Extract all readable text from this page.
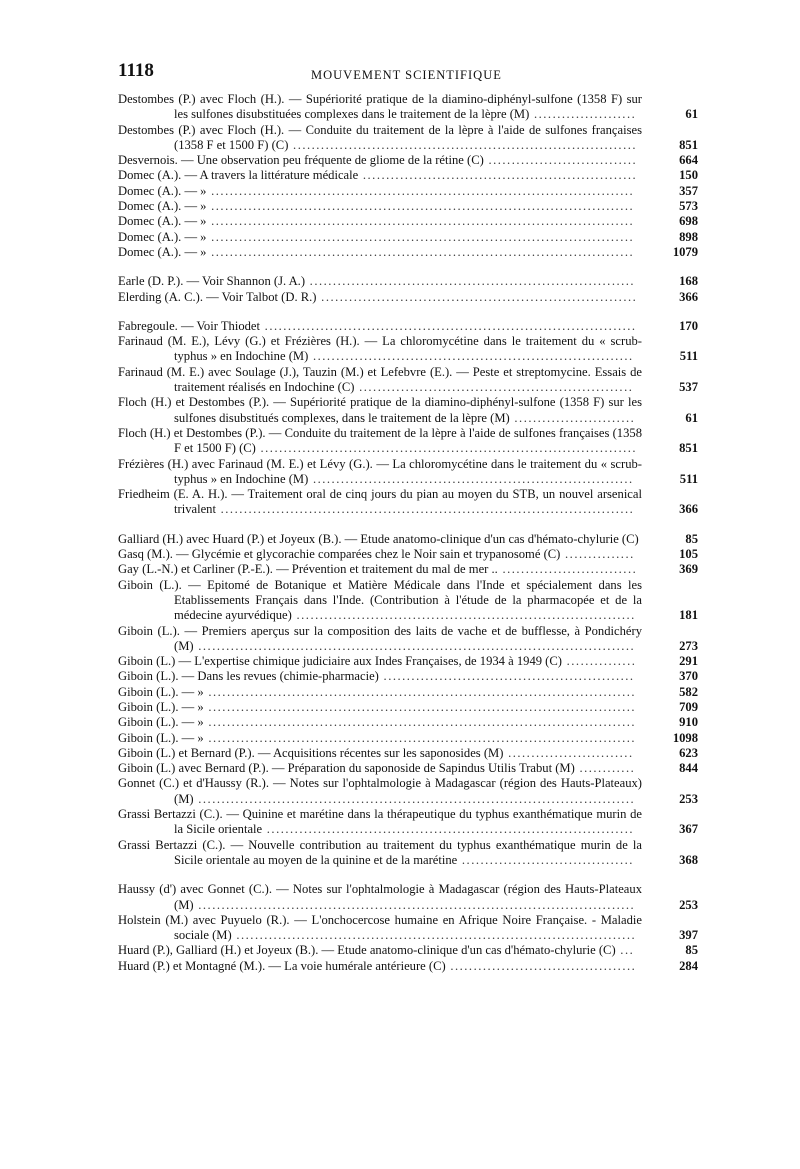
1118	MOUVEMENT SCIENTIFIQUE

Destombes (P.) avec Floch (H.). — Supériorité pratique de la diamino-diphényl-sulfone (1358 F) sur les sulfones disubstituées complexes dans le traitement de la lèpre (M) ......................	61

Destombes (P.) avec Floch (H.). — Conduite du traitement de la lèpre à l'aide de sulfones françaises (1358 F et 1500 F) (C) ..........................................................................	851

Desvernois. — Une observation peu fréquente de gliome de la rétine (C) ................................	664

Domec (A.). — A travers la littérature médicale ...........................................................	150

Domec (A.). — » ...........................................................................................	357

Domec (A.). — » ...........................................................................................	573

Domec (A.). — » ...........................................................................................	698

Domec (A.). — » ...........................................................................................	898

Domec (A.). — » ...........................................................................................	1079

Earle (D. P.). — Voir Shannon (J. A.) ......................................................................	168

Elerding (A. C.). — Voir Talbot (D. R.) ....................................................................	366

Fabregoule. — Voir Thiodet ................................................................................	170

Farinaud (M. E.), Lévy (G.) et Frézières (H.). — La chloromycétine dans le traitement du « scrub-typhus » en Indochine (M) .....................................................................	511

Farinaud (M. E.) avec Soulage (J.), Tauzin (M.) et Lefebvre (E.). — Peste et streptomycine. Essais de traitement réalisés en Indochine (C) ...........................................................	537

Floch (H.) et Destombes (P.). — Supériorité pratique de la diamino-diphényl-sulfone (1358 F) sur les sulfones disubstitués complexes, dans le traitement de la lèpre (M) ..........................	61

Floch (H.) et Destombes (P.). — Conduite du traitement de la lèpre à l'aide de sulfones françaises (1358 F et 1500 F) (C) .................................................................................	851

Frézières (H.) avec Farinaud (M. E.) et Lévy (G.). — La chloromycétine dans le traitement du « scrub-typhus » en Indochine (M) .....................................................................	511

Friedheim (E. A. H.). — Traitement oral de cinq jours du pian au moyen du STB, un nouvel arsenical trivalent .........................................................................................	366

Galliard (H.) avec Huard (P.) et Joyeux (B.). — Etude anatomo-clinique d'un cas d'hémato-chylurie (C)	85

Gasq (M.). — Glycémie et glycorachie comparées chez le Noir sain et trypanosomé (C) ...............	105

Gay (L.-N.) et Carliner (P.-E.). — Prévention et traitement du mal de mer .. .............................	369

Giboin (L.). — Epitomé de Botanique et Matière Médicale dans l'Inde et spécialement dans les Etablissements Français dans l'Inde. (Contribution à l'étude de la pharmacopée et de la médecine ayurvédique) .........................................................................	181

Giboin (L.). — Premiers aperçus sur la composition des laits de vache et de bufflesse, à Pondichéry (M) ..............................................................................................	273

Giboin (L.) — L'expertise chimique judiciaire aux Indes Françaises, de 1934 à 1949 (C) ...............	291

Giboin (L.). — Dans les revues (chimie-pharmacie) ......................................................	370

Giboin (L.). — » ............................................................................................	582

Giboin (L.). — » ............................................................................................	709

Giboin (L.). — » ............................................................................................	910

Giboin (L.). — » ............................................................................................	1098

Giboin (L.) et Bernard (P.). — Acquisitions récentes sur les saponosides (M) ...........................	623

Giboin (L.) avec Bernard (P.). — Préparation du saponoside de Sapindus Utilis Trabut (M) ............	844

Gonnet (C.) et d'Haussy (R.). — Notes sur l'ophtalmologie à Madagascar (région des Hauts-Plateaux) (M) ..............................................................................................	253

Grassi Bertazzi (C.). — Quinine et marétine dans la thérapeutique du typhus exanthématique murin de la Sicile orientale ...............................................................................	367

Grassi Bertazzi (C.). — Nouvelle contribution au traitement du typhus exanthématique murin de la Sicile orientale au moyen de la quinine et de la marétine .....................................	368

Haussy (d') avec Gonnet (C.). — Notes sur l'ophtalmologie à Madagascar (région des Hauts-Plateaux (M) ..............................................................................................	253

Holstein (M.) avec Puyuelo (R.). — L'onchocercose humaine en Afrique Noire Française. - Maladie sociale (M) ......................................................................................	397

Huard (P.), Galliard (H.) et Joyeux (B.). — Etude anatomo-clinique d'un cas d'hémato-chylurie (C) ...	85

Huard (P.) et Montagné (M.). — La voie humérale antérieure (C) ........................................	284
